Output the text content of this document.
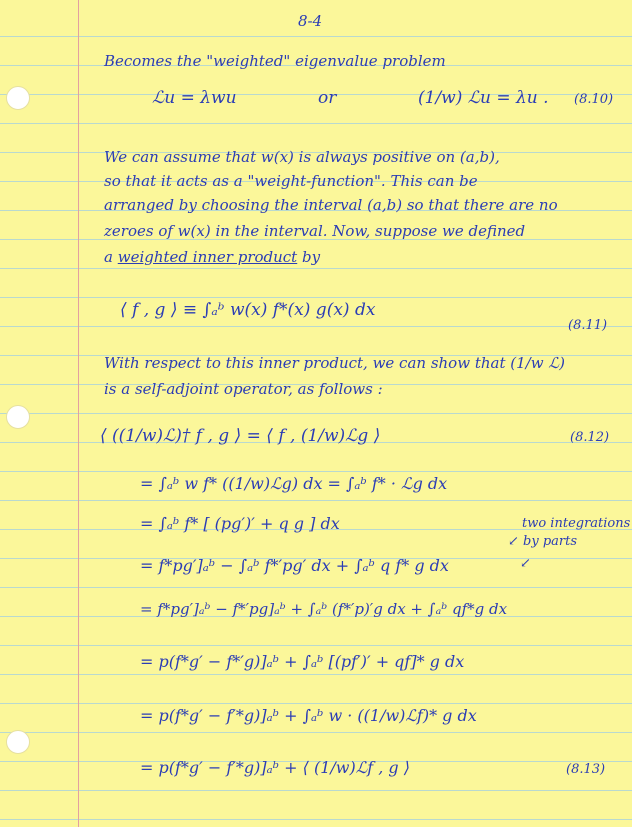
8-4
Becomes the "weighted" eigenvalue problem
ℒu = λwu	or	(1/w) ℒu = λu . (8.10)
We can assume that w(x) is always positive on (a,b),
so that it acts as a "weight-function". This can be
arranged by choosing the interval (a,b) so that there are no
zeroes of w(x) in the interval. Now, suppose we defined
a weighted inner product by
⟨ f , g ⟩ ≡ ∫ₐᵇ w(x) f*(x) g(x) dx
(8.11)
With respect to this inner product, we can show that (1/w ℒ)
is a self-adjoint operator, as follows :
⟨ ((1/w)ℒ)† f , g ⟩ = ⟨ f , (1/w)ℒg ⟩	(8.12)
= ∫ₐᵇ w f* ((1/w)ℒg) dx = ∫ₐᵇ f* · ℒg dx
= ∫ₐᵇ f* [ (pg′)′ + q g ] dx	two integrations
↙ by parts
= f*pg′]ₐᵇ − ∫ₐᵇ f*′pg′ dx + ∫ₐᵇ q f* g dx	↙
= f*pg′]ₐᵇ − f*′pg]ₐᵇ + ∫ₐᵇ (f*′p)′g dx + ∫ₐᵇ qf*g dx
= p(f*g′ − f*′g)]ₐᵇ + ∫ₐᵇ [(pf′)′ + qf]* g dx
= p(f*g′ − f′*g)]ₐᵇ + ∫ₐᵇ w · ((1/w)ℒf)* g dx
= p(f*g′ − f′*g)]ₐᵇ + ⟨ (1/w)ℒf , g ⟩	(8.13)
